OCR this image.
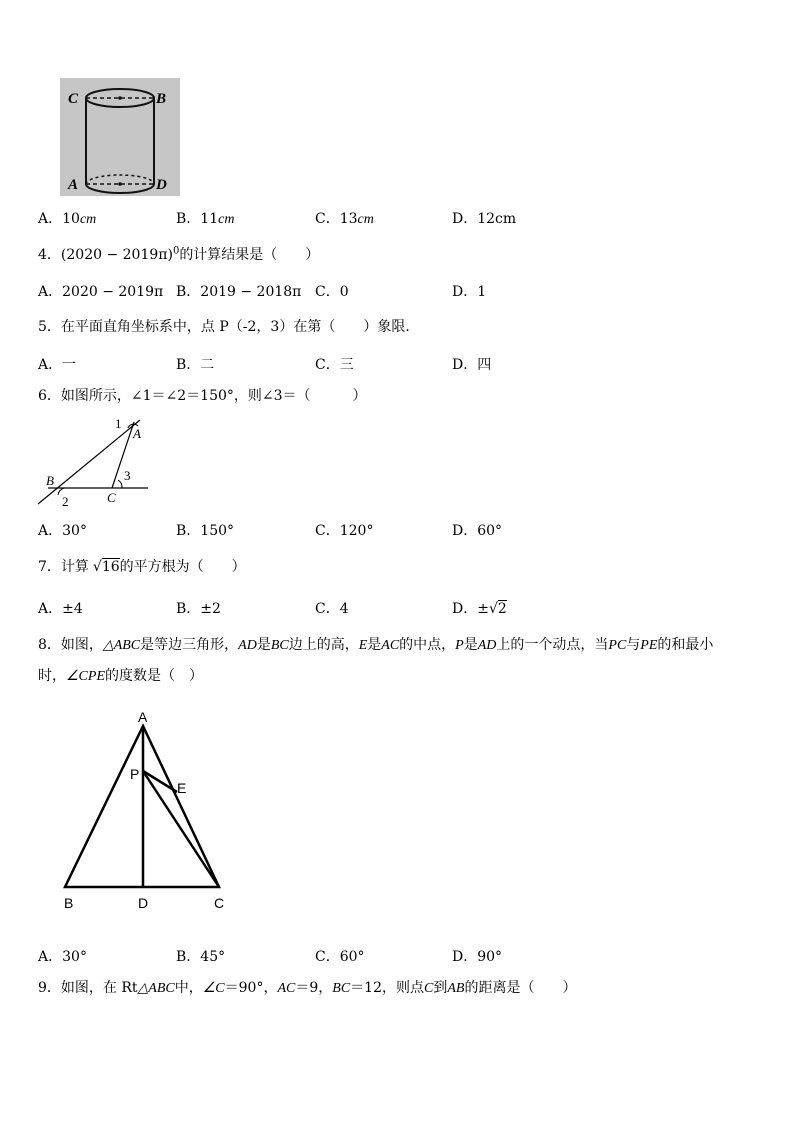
C	B
A	D
A．10cm	B．11cm	C．13cm	D．12cm
4．$(2020 - 2019\pi)^0$的计算结果是（　　）
A．2020 − 2019π B．2019 − 2018π C．0	D．1
5．在平面直角坐标系中，点 P（-2，3）在第（　　）象限．
A．一	B．二	C．三	D．四
6．如图所示，∠1＝∠2＝150°，则∠3＝（　　　）
1
A
B
2	C
3
A．30°	B．150°	C．120°	D．60°
7．计算 √16的平方根为（　　）
A．±4	B．±2	C．4	D．±√2
8．如图，△ABC是等边三角形，AD是BC边上的高，E是AC的中点，P是AD上的一个动点，当PC与PE的和最小
时，∠CPE的度数是（　）
A
P
E
B	D	C
A．30°	B．45°	C．60°	D．90°
9．如图，在 Rt△ABC中，∠C＝90°，AC＝9，BC＝12，则点C到AB的距离是（　　）
